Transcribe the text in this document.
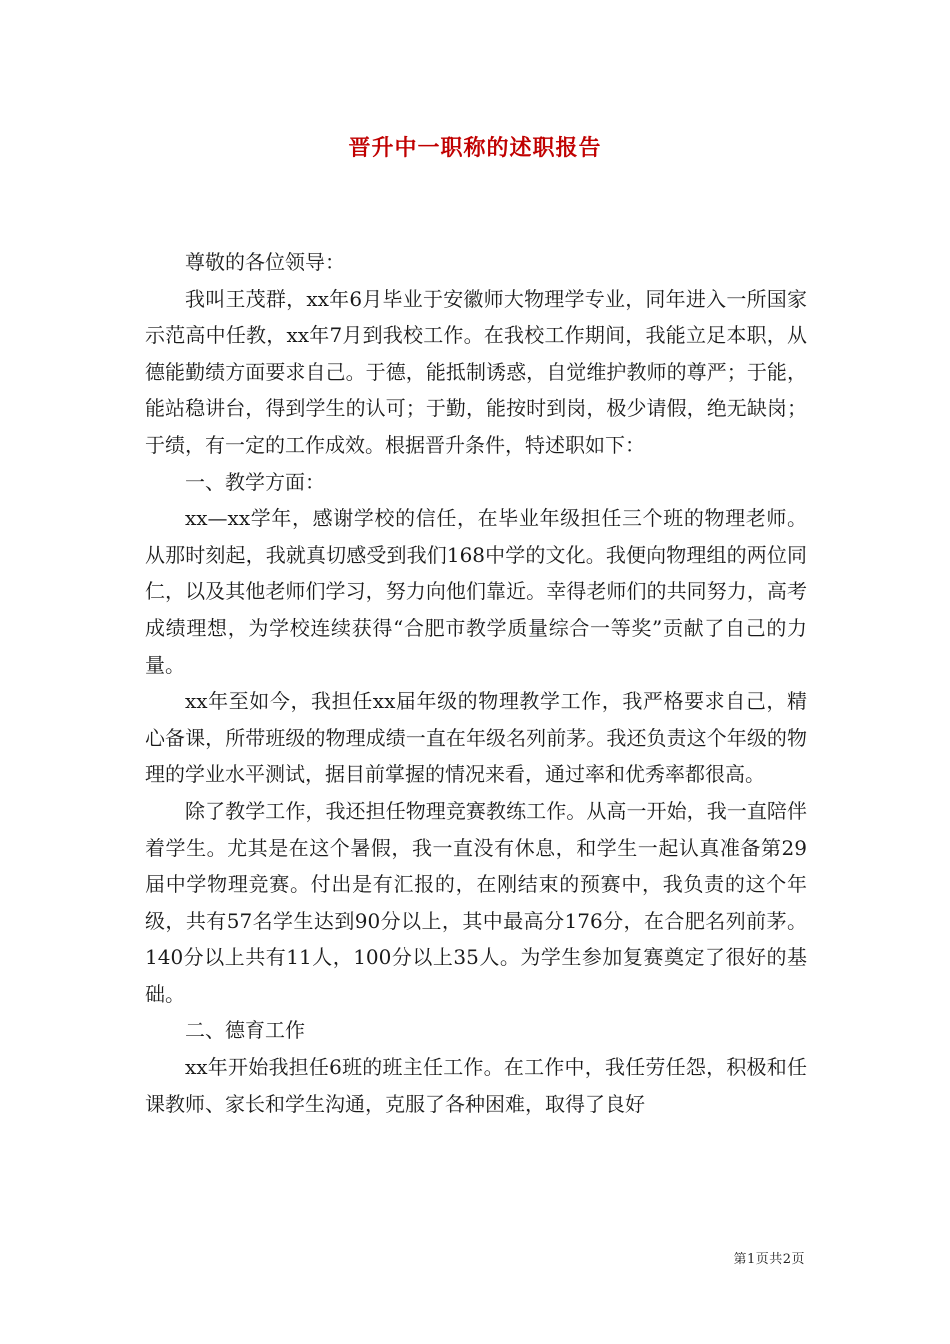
晋升中一职称的述职报告

尊敬的各位领导：

我叫王茂群，xx年6月毕业于安徽师大物理学专业，同年进入一所国家示范高中任教，xx年7月到我校工作。在我校工作期间，我能立足本职，从德能勤绩方面要求自己。于德，能抵制诱惑，自觉维护教师的尊严；于能，能站稳讲台，得到学生的认可；于勤，能按时到岗，极少请假，绝无缺岗；于绩，有一定的工作成效。根据晋升条件，特述职如下：

一、教学方面：

xx—xx学年，感谢学校的信任，在毕业年级担任三个班的物理老师。从那时刻起，我就真切感受到我们168中学的文化。我便向物理组的两位同仁，以及其他老师们学习，努力向他们靠近。幸得老师们的共同努力，高考成绩理想，为学校连续获得“合肥市教学质量综合一等奖”贡献了自己的力量。

xx年至如今，我担任xx届年级的物理教学工作，我严格要求自己，精心备课，所带班级的物理成绩一直在年级名列前茅。我还负责这个年级的物理的学业水平测试，据目前掌握的情况来看，通过率和优秀率都很高。

除了教学工作，我还担任物理竞赛教练工作。从高一开始，我一直陪伴着学生。尤其是在这个暑假，我一直没有休息，和学生一起认真准备第29届中学物理竞赛。付出是有汇报的，在刚结束的预赛中，我负责的这个年级，共有57名学生达到90分以上，其中最高分176分，在合肥名列前茅。140分以上共有11人，100分以上35人。为学生参加复赛奠定了很好的基础。

二、德育工作

xx年开始我担任6班的班主任工作。在工作中，我任劳任怨，积极和任课教师、家长和学生沟通，克服了各种困难，取得了良好

第1页共2页
